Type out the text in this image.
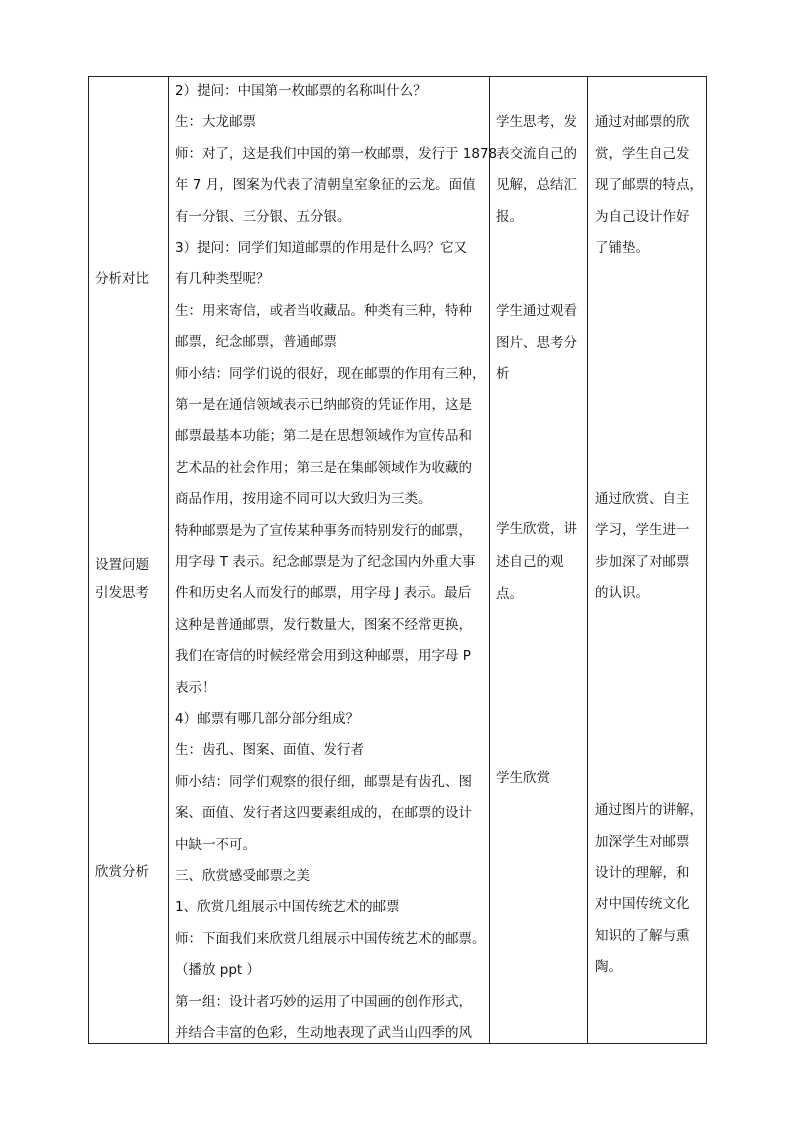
分析对比
设置问题
引发思考
欣赏分析
2）提问：中国第一枚邮票的名称叫什么？
生：大龙邮票
师：对了，这是我们中国的第一枚邮票，发行于 1878
年 7 月，图案为代表了清朝皇室象征的云龙。面值
有一分银、三分银、五分银。
3）提问：同学们知道邮票的作用是什么吗？它又
有几种类型呢？
生：用来寄信，或者当收藏品。种类有三种，特种
邮票，纪念邮票，普通邮票
师小结：同学们说的很好，现在邮票的作用有三种，
第一是在通信领域表示已纳邮资的凭证作用，这是
邮票最基本功能；第二是在思想领域作为宣传品和
艺术品的社会作用；第三是在集邮领域作为收藏的
商品作用，按用途不同可以大致归为三类。
特种邮票是为了宣传某种事务而特别发行的邮票，
用字母 T 表示。纪念邮票是为了纪念国内外重大事
件和历史名人而发行的邮票，用字母 J 表示。最后
这种是普通邮票，发行数量大，图案不经常更换，
我们在寄信的时候经常会用到这种邮票，用字母 P
表示！
4）邮票有哪几部分部分组成？
生：齿孔、图案、面值、发行者
师小结：同学们观察的很仔细，邮票是有齿孔、图
案、面值、发行者这四要素组成的，在邮票的设计
中缺一不可。
三、欣赏感受邮票之美
1、欣赏几组展示中国传统艺术的邮票
师：下面我们来欣赏几组展示中国传统艺术的邮票。
（播放 ppt ）
第一组：设计者巧妙的运用了中国画的创作形式，
并结合丰富的色彩，生动地表现了武当山四季的风
学生思考，发
表交流自己的
见解，总结汇
报。
学生通过观看
图片、思考分
析
学生欣赏，讲
述自己的观
点。
学生欣赏
通过对邮票的欣
赏，学生自己发
现了邮票的特点，
为自己设计作好
了铺垫。
通过欣赏、自主
学习，学生进一
步加深了对邮票
的认识。
通过图片的讲解，
加深学生对邮票
设计的理解，和
对中国传统文化
知识的了解与熏
陶。
